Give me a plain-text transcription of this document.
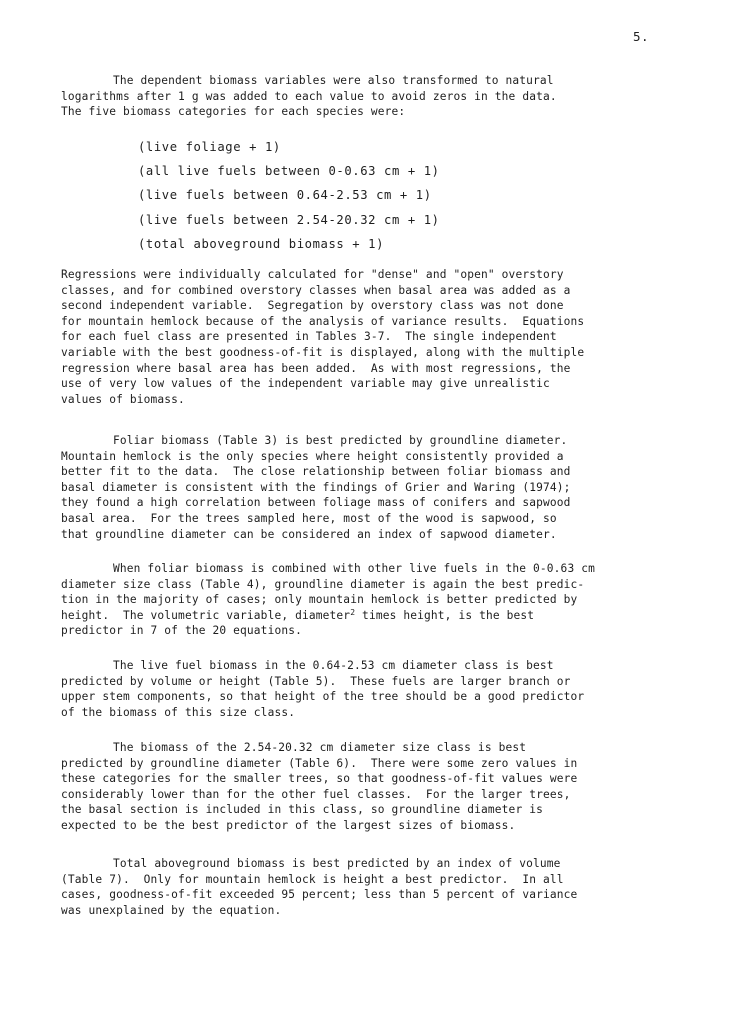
5.

The dependent biomass variables were also transformed to natural
logarithms after 1 g was added to each value to avoid zeros in the data.
The five biomass categories for each species were:

(live foliage + 1)
(all live fuels between 0-0.63 cm + 1)
(live fuels between 0.64-2.53 cm + 1)
(live fuels between 2.54-20.32 cm + 1)
(total aboveground biomass + 1)

Regressions were individually calculated for "dense" and "open" overstory
classes, and for combined overstory classes when basal area was added as a
second independent variable.  Segregation by overstory class was not done
for mountain hemlock because of the analysis of variance results.  Equations
for each fuel class are presented in Tables 3-7.  The single independent
variable with the best goodness-of-fit is displayed, along with the multiple
regression where basal area has been added.  As with most regressions, the
use of very low values of the independent variable may give unrealistic
values of biomass.

Foliar biomass (Table 3) is best predicted by groundline diameter.
Mountain hemlock is the only species where height consistently provided a
better fit to the data.  The close relationship between foliar biomass and
basal diameter is consistent with the findings of Grier and Waring (1974);
they found a high correlation between foliage mass of conifers and sapwood
basal area.  For the trees sampled here, most of the wood is sapwood, so
that groundline diameter can be considered an index of sapwood diameter.

When foliar biomass is combined with other live fuels in the 0-0.63 cm
diameter size class (Table 4), groundline diameter is again the best predic-
tion in the majority of cases; only mountain hemlock is better predicted by
height.  The volumetric variable, diameter$^2$ times height, is the best
predictor in 7 of the 20 equations.

The live fuel biomass in the 0.64-2.53 cm diameter class is best
predicted by volume or height (Table 5).  These fuels are larger branch or
upper stem components, so that height of the tree should be a good predictor
of the biomass of this size class.

The biomass of the 2.54-20.32 cm diameter size class is best
predicted by groundline diameter (Table 6).  There were some zero values in
these categories for the smaller trees, so that goodness-of-fit values were
considerably lower than for the other fuel classes.  For the larger trees,
the basal section is included in this class, so groundline diameter is
expected to be the best predictor of the largest sizes of biomass.

Total aboveground biomass is best predicted by an index of volume
(Table 7).  Only for mountain hemlock is height a best predictor.  In all
cases, goodness-of-fit exceeded 95 percent; less than 5 percent of variance
was unexplained by the equation.
